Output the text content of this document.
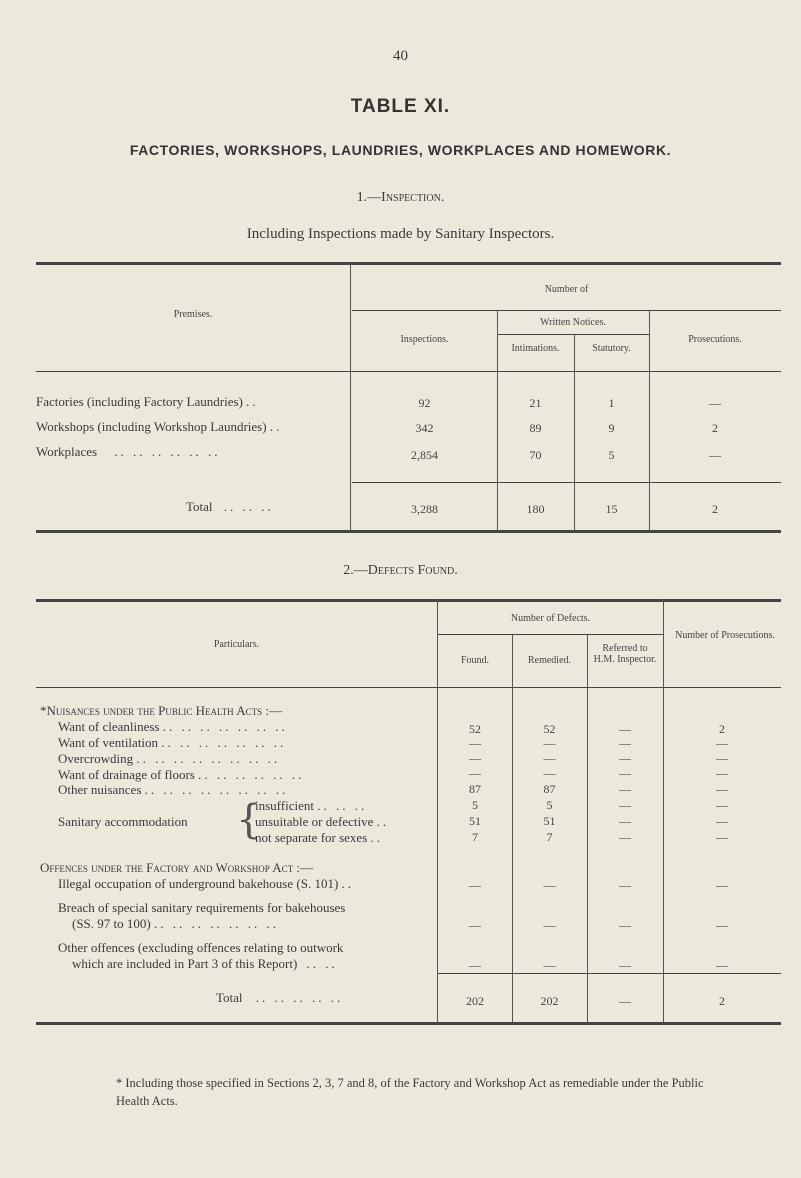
40
TABLE XI.
FACTORIES, WORKSHOPS, LAUNDRIES, WORKPLACES AND HOMEWORK.
1.—Inspection.
Including Inspections made by Sanitary Inspectors.
Premises.
Number of
Inspections.
Written Notices.
Intimations.	Statutory.
Prosecutions.
Factories (including Factory Laundries) ..	92	21	1	—
Workshops (including Workshop Laundries) ..	342	89	9	2
Workplaces .. .. .. .. .. ..	2,854	70	5	—
Total .. .. ..	3,288	180	15	2
2.—Defects Found.
Particulars.
Number of Defects.
Found.	Remedied.
Referred to H.M. Inspector.
Number of Prosecutions.
*Nuisances under the Public Health Acts :—
Want of cleanliness .. .. .. .. .. .. ..	52	52	—	2
Want of ventilation .. .. .. .. .. .. ..	—	—	—	—
Overcrowding .. .. .. .. .. .. .. ..	—	—	—	—
Want of drainage of floors .. .. .. .. .. ..	—	—	—	—
Other nuisances .. .. .. .. .. .. .. ..	87	87	—	—
Sanitary accommodation {
insufficient .. .. ..	5	5	—	—
unsuitable or defective ..	51	51	—	—
not separate for sexes ..	7	7	—	—
Offences under the Factory and Workshop Act :—
Illegal occupation of underground bakehouse (S. 101) ..	—	—	—	—
Breach of special sanitary requirements for bakehouses
(SS. 97 to 100) .. .. .. .. .. .. ..	—	—	—	—
Other offences (excluding offences relating to outwork
which are included in Part 3 of this Report) .. ..	—	—	—	—
Total .. .. .. .. ..	202	202	—	2
* Including those specified in Sections 2, 3, 7 and 8, of the Factory and Workshop Act as remediable under the Public Health Acts.
